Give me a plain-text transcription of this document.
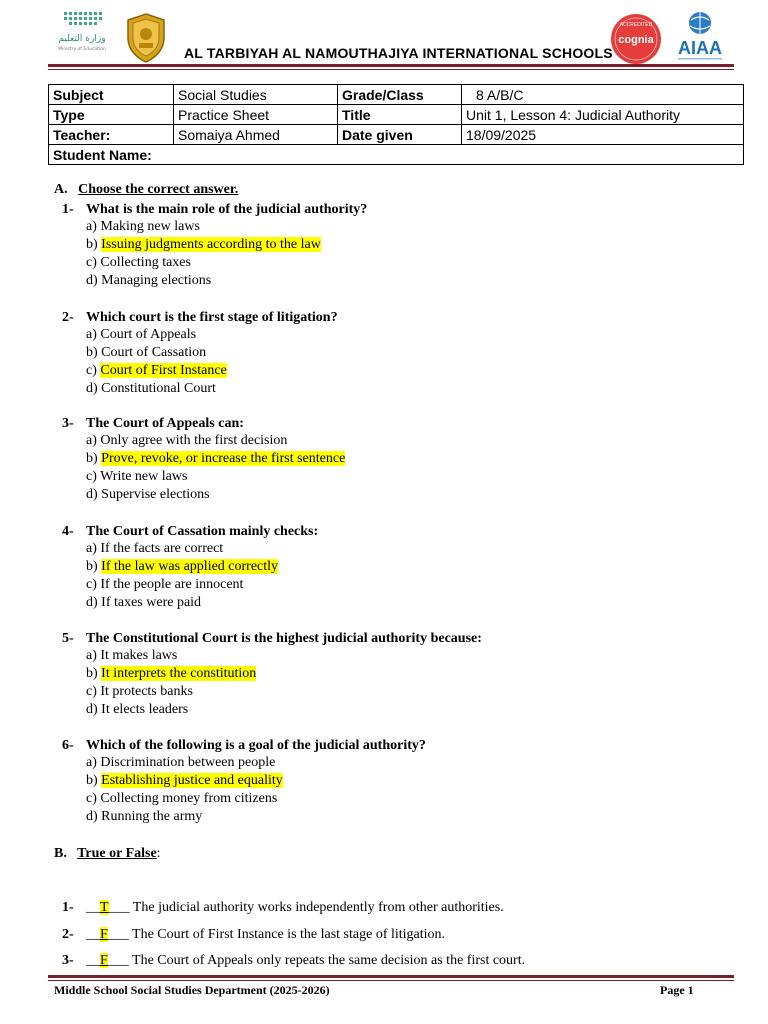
وزارة التعليم
Ministry of Education	AL TARBIYAH AL NAMOUTHAJIYA INTERNATIONAL SCHOOLS
ACCREDITED
cognia AIAA
Subject	Social Studies	Grade/Class	8 A/B/C
Type	Practice Sheet	Title	Unit 1, Lesson 4: Judicial Authority
Teacher:	Somaiya Ahmed	Date given	18/09/2025
Student Name:			
A. Choose the correct answer.
1- What is the main role of the judicial authority?
a) Making new laws
b) Issuing judgments according to the law
c) Collecting taxes
d) Managing elections
2- Which court is the first stage of litigation?
a) Court of Appeals
b) Court of Cassation
c) Court of First Instance
d) Constitutional Court
3- The Court of Appeals can:
a) Only agree with the first decision
b) Prove, revoke, or increase the first sentence
c) Write new laws
d) Supervise elections
4- The Court of Cassation mainly checks:
a) If the facts are correct
b) If the law was applied correctly
c) If the people are innocent
d) If taxes were paid
5- The Constitutional Court is the highest judicial authority because:
a) It makes laws
b) It interprets the constitution
c) It protects banks
d) It elects leaders
6- Which of the following is a goal of the judicial authority?
a) Discrimination between people
b) Establishing justice and equality
c) Collecting money from citizens
d) Running the army
B. True or False:
1- __T___ The judicial authority works independently from other authorities.
2- __F___ The Court of First Instance is the last stage of litigation.
3- __F___ The Court of Appeals only repeats the same decision as the first court.
Middle School Social Studies Department (2025-2026)	Page 1
